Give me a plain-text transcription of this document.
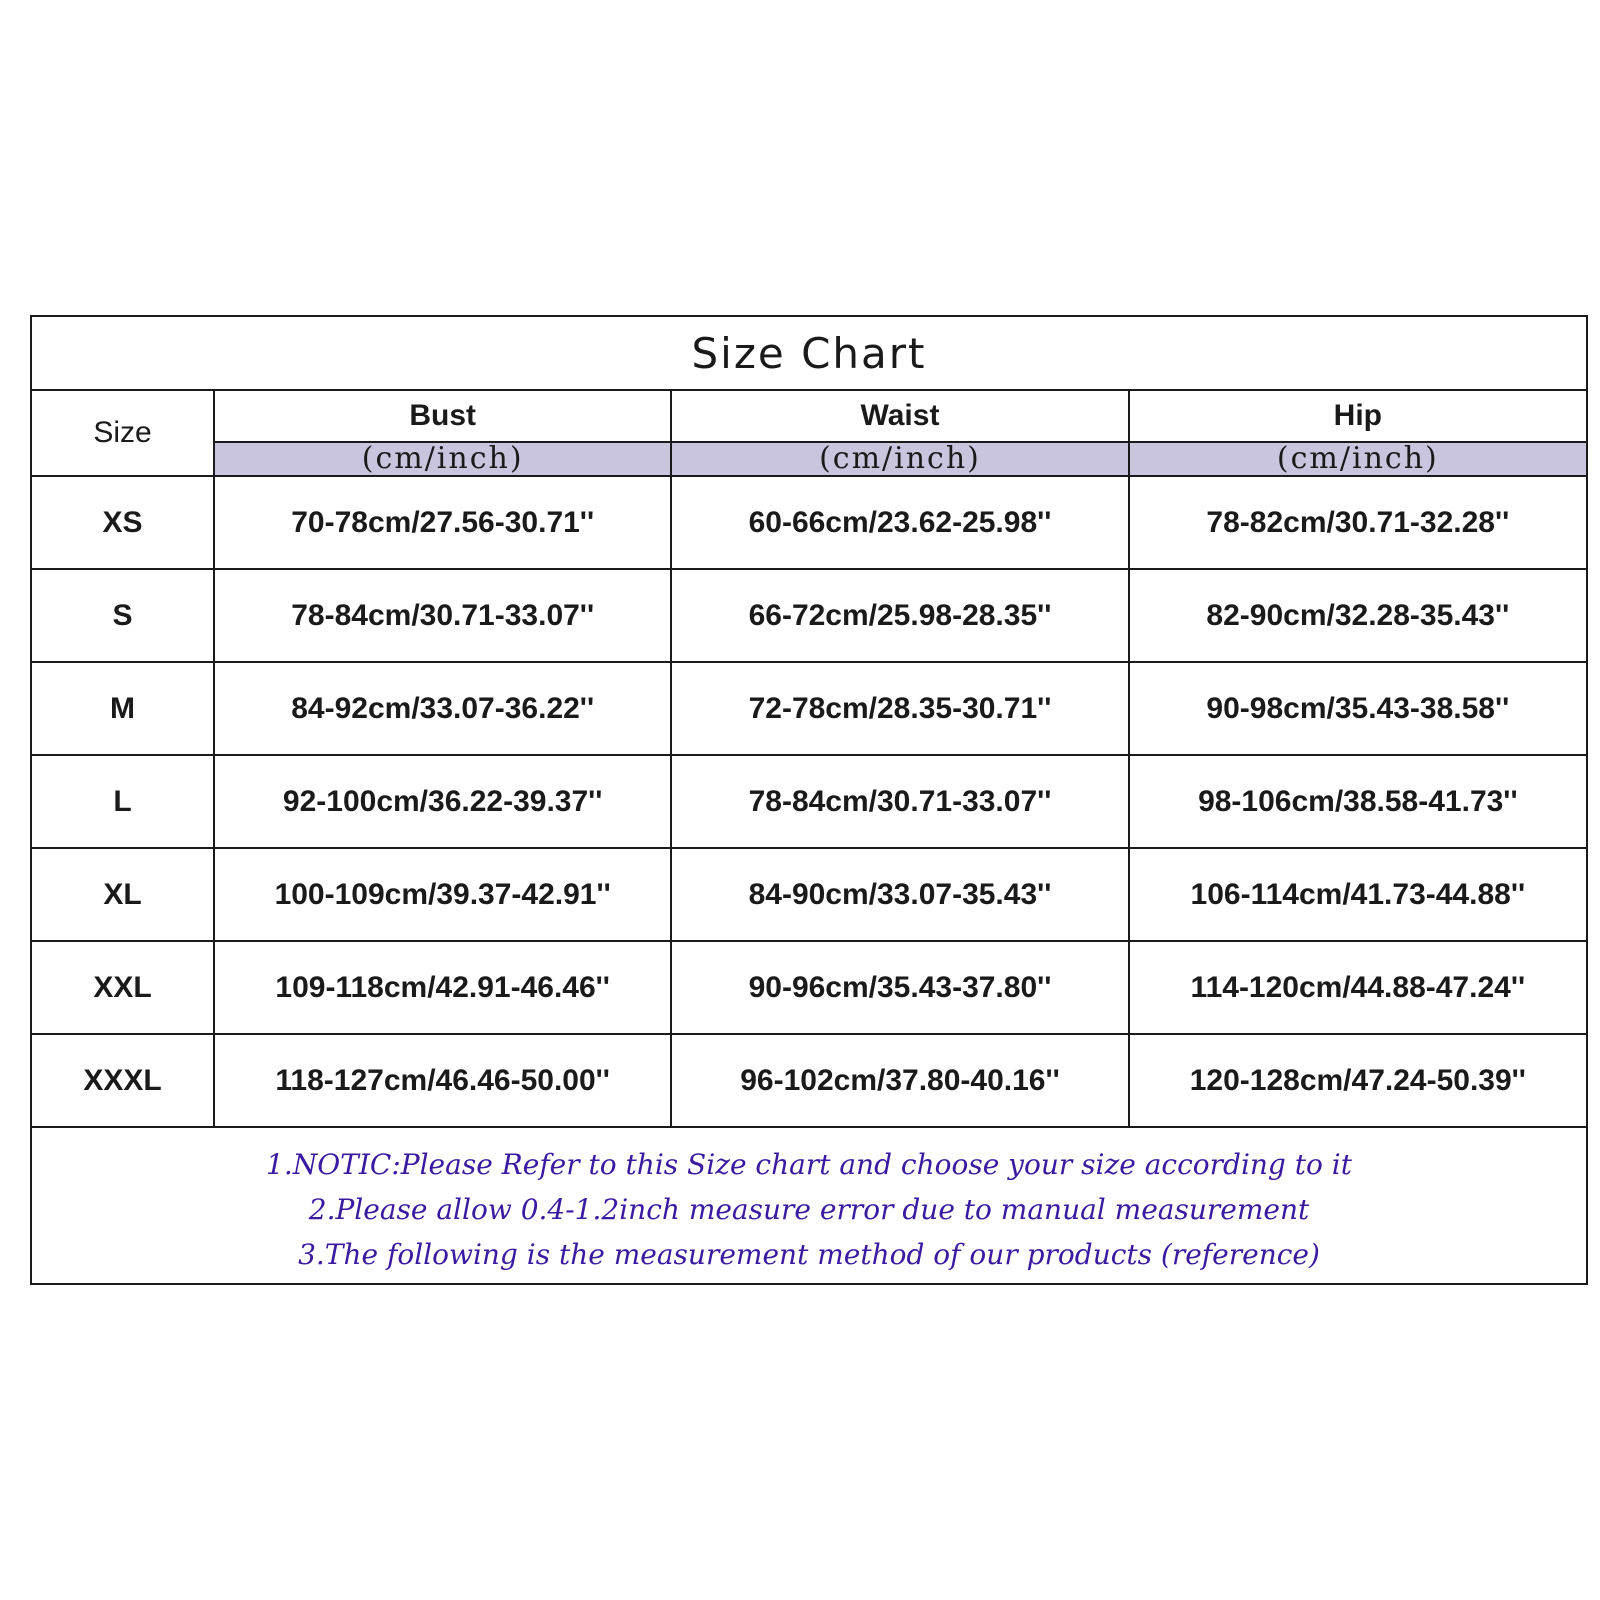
Size Chart			
Size	Bust	Waist	Hip
	(cm/inch)	(cm/inch)	(cm/inch)
XS	70-78cm/27.56-30.71''	60-66cm/23.62-25.98''	78-82cm/30.71-32.28''
S	78-84cm/30.71-33.07''	66-72cm/25.98-28.35''	82-90cm/32.28-35.43''
M	84-92cm/33.07-36.22''	72-78cm/28.35-30.71''	90-98cm/35.43-38.58''
L	92-100cm/36.22-39.37''	78-84cm/30.71-33.07''	98-106cm/38.58-41.73''
XL	100-109cm/39.37-42.91''	84-90cm/33.07-35.43''	106-114cm/41.73-44.88''
XXL	109-118cm/42.91-46.46''	90-96cm/35.43-37.80''	114-120cm/44.88-47.24''
XXXL	118-127cm/46.46-50.00''	96-102cm/37.80-40.16''	120-128cm/47.24-50.39''

1.NOTIC:Please Refer to this Size chart and choose your size according to it
2.Please allow 0.4-1.2inch measure error due to manual measurement
3.The following is the measurement method of our products (reference)			
